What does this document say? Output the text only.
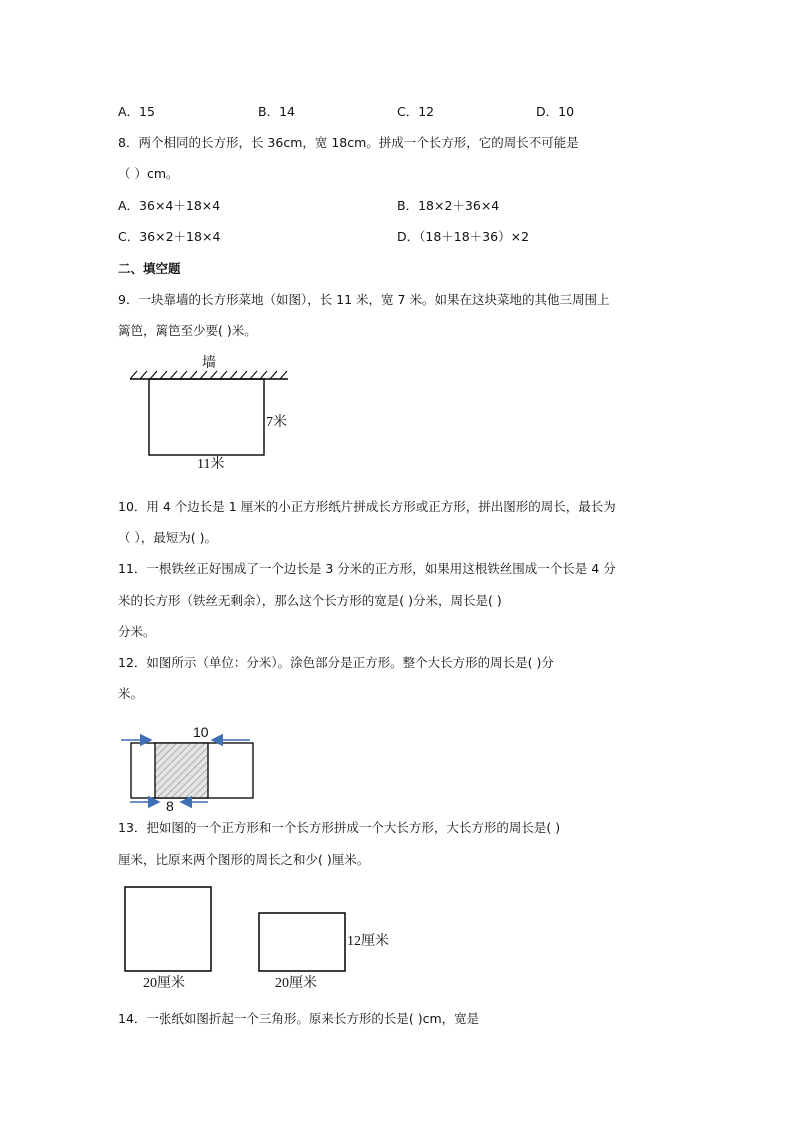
A．15	B．14	C．12	D．10
8．两个相同的长方形，长 36cm，宽 18cm。拼成一个长方形，它的周长不可能是
（ ）cm。
A．36×4＋18×4	B．18×2＋36×4
C．36×2＋18×4	D．（18＋18＋36）×2
二、填空题
9．一块靠墙的长方形菜地（如图），长 11 米，宽 7 米。如果在这块菜地的其他三周围上
篱笆，篱笆至少要( )米。
墙
7米
11米
10．用 4 个边长是 1 厘米的小正方形纸片拼成长方形或正方形，拼出图形的周长，最长为
（ ），最短为( )。
11．一根铁丝正好围成了一个边长是 3 分米的正方形，如果用这根铁丝围成一个长是 4 分
米的长方形（铁丝无剩余），那么这个长方形的宽是( )分米，周长是( )
分米。
12．如图所示（单位：分米）。涂色部分是正方形。整个大长方形的周长是( )分
米。
10
8
13．把如图的一个正方形和一个长方形拼成一个大长方形，大长方形的周长是( )
厘米，比原来两个图形的周长之和少( )厘米。
20厘米	20厘米
12厘米
14．一张纸如图折起一个三角形。原来长方形的长是( )cm，宽是
